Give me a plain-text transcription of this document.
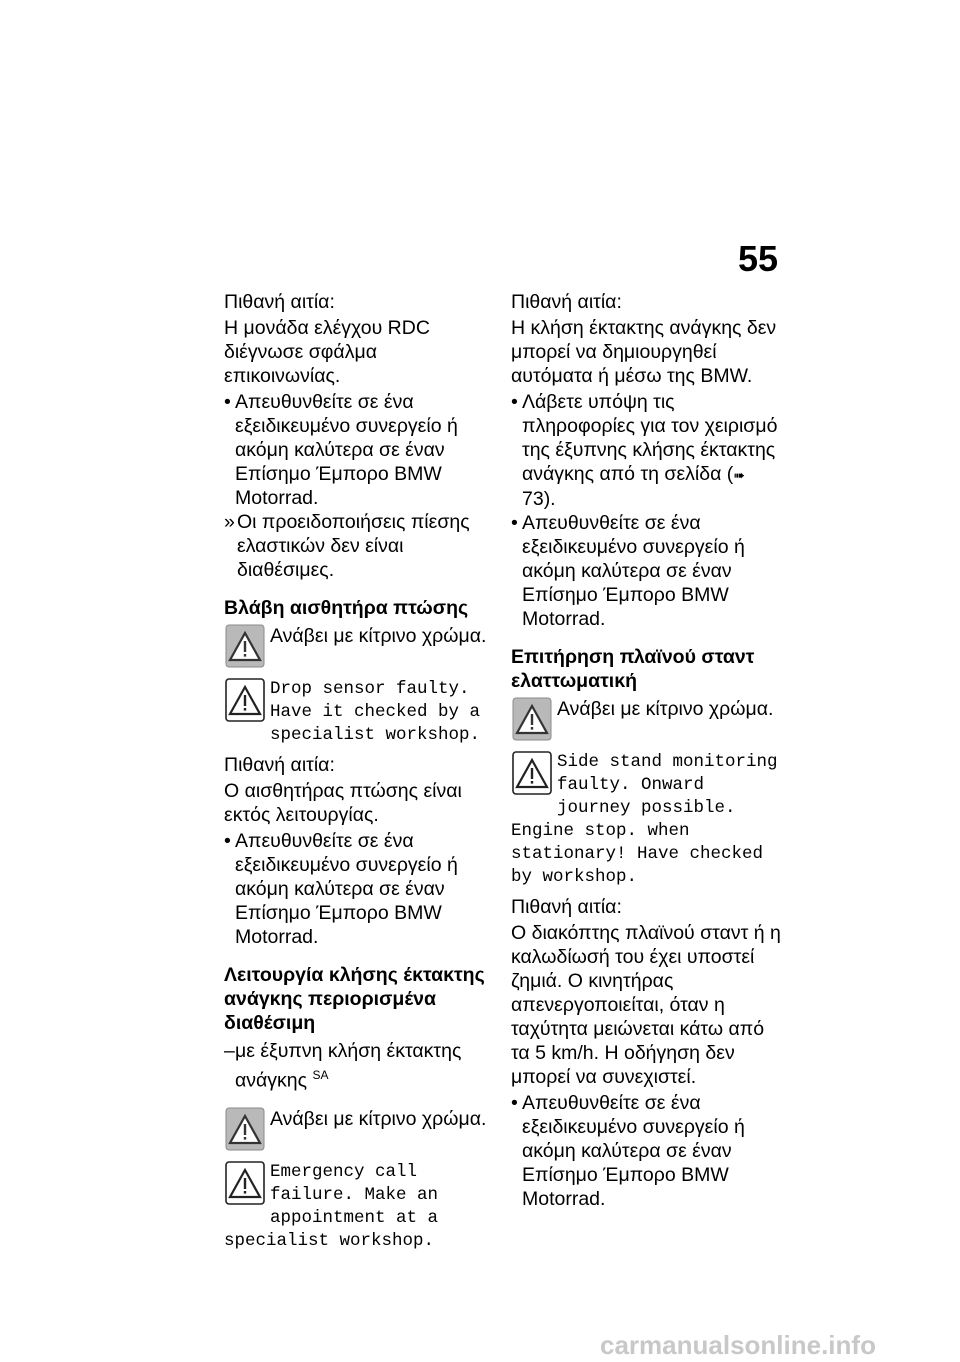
55

Πιθανή αιτία:

Η μονάδα ελέγχου RDC διέγνωσε σφάλμα επικοινωνίας.

• Απευθυνθείτε σε ένα εξειδικευμένο συνεργείο ή ακόμη καλύτερα σε έναν Επίσημο Έμπορο BMW Motorrad.

» Οι προειδοποιήσεις πίεσης ελαστικών δεν είναι διαθέσιμες.

Βλάβη αισθητήρα πτώσης
Ανάβει με κίτρινο χρώμα.
Drop sensor faulty. Have it checked by a specialist workshop.

Πιθανή αιτία:

Ο αισθητήρας πτώσης είναι εκτός λειτουργίας.

• Απευθυνθείτε σε ένα εξειδικευμένο συνεργείο ή ακόμη καλύτερα σε έναν Επίσημο Έμπορο BMW Motorrad.

Λειτουργία κλήσης έκτακτης ανάγκης περιορισμένα διαθέσιμη

– με έξυπνη κλήση έκτακτης ανάγκης $^{SA}$

Ανάβει με κίτρινο χρώμα.
Emergency call failure. Make an appointment at a specialist workshop.

Πιθανή αιτία:

Η κλήση έκτακτης ανάγκης δεν μπορεί να δημιουργηθεί αυτόματα ή μέσω της BMW.

• Λάβετε υπόψη τις πληροφορίες για τον χειρισμό της έξυπνης κλήσης έκτακτης ανάγκης από τη σελίδα (➠ 73).

• Απευθυνθείτε σε ένα εξειδικευμένο συνεργείο ή ακόμη καλύτερα σε έναν Επίσημο Έμπορο BMW Motorrad.

Επιτήρηση πλαϊνού σταντ ελαττωματική
Ανάβει με κίτρινο χρώμα.
Side stand monitoring faulty. Onward journey possible. Engine stop. when stationary! Have checked by workshop.

Πιθανή αιτία:

Ο διακόπτης πλαϊνού σταντ ή η καλωδίωσή του έχει υποστεί ζημιά. Ο κινητήρας απενεργοποιείται, όταν η ταχύτητα μειώνεται κάτω από τα 5 km/h. Η οδήγηση δεν μπορεί να συνεχιστεί.

• Απευθυνθείτε σε ένα εξειδικευμένο συνεργείο ή ακόμη καλύτερα σε έναν Επίσημο Έμπορο BMW Motorrad.

carmanualsonline.info
